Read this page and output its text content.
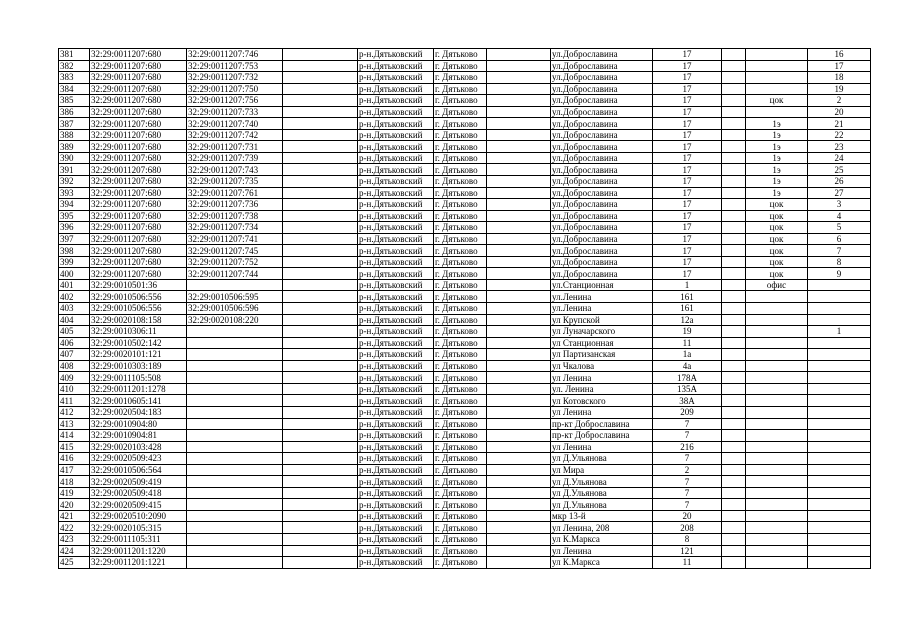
381	32:29:0011207:680	32:29:0011207:746		р-н.Дятьковский	г. Дятьково		ул.Доброславина	17			16
382	32:29:0011207:680	32:29:0011207:753		р-н.Дятьковский	г. Дятьково		ул.Доброславина	17			17
383	32:29:0011207:680	32:29:0011207:732		р-н.Дятьковский	г. Дятьково		ул.Доброславина	17			18
384	32:29:0011207:680	32:29:0011207:750		р-н.Дятьковский	г. Дятьково		ул.Доброславина	17			19
385	32:29:0011207:680	32:29:0011207:756		р-н.Дятьковский	г. Дятьково		ул.Доброславина	17		цок	2
386	32:29:0011207:680	32:29:0011207:733		р-н.Дятьковский	г. Дятьково		ул.Доброславина	17			20
387	32:29:0011207:680	32:29:0011207:740		р-н.Дятьковский	г. Дятьково		ул.Доброславина	17		1э	21
388	32:29:0011207:680	32:29:0011207:742		р-н.Дятьковский	г. Дятьково		ул.Доброславина	17		1э	22
389	32:29:0011207:680	32:29:0011207:731		р-н.Дятьковский	г. Дятьково		ул.Доброславина	17		1э	23
390	32:29:0011207:680	32:29:0011207:739		р-н.Дятьковский	г. Дятьково		ул.Доброславина	17		1э	24
391	32:29:0011207:680	32:29:0011207:743		р-н.Дятьковский	г. Дятьково		ул.Доброславина	17		1э	25
392	32:29:0011207:680	32:29:0011207:735		р-н.Дятьковский	г. Дятьково		ул.Доброславина	17		1э	26
393	32:29:0011207:680	32:29:0011207:761		р-н.Дятьковский	г. Дятьково		ул.Доброславина	17		1э	27
394	32:29:0011207:680	32:29:0011207:736		р-н.Дятьковский	г. Дятьково		ул.Доброславина	17		цок	3
395	32:29:0011207:680	32:29:0011207:738		р-н.Дятьковский	г. Дятьково		ул.Доброславина	17		цок	4
396	32:29:0011207:680	32:29:0011207:734		р-н.Дятьковский	г. Дятьково		ул.Доброславина	17		цок	5
397	32:29:0011207:680	32:29:0011207:741		р-н.Дятьковский	г. Дятьково		ул.Доброславина	17		цок	6
398	32:29:0011207:680	32:29:0011207:745		р-н.Дятьковский	г. Дятьково		ул.Доброславина	17		цок	7
399	32:29:0011207:680	32:29:0011207:752		р-н.Дятьковский	г. Дятьково		ул.Доброславина	17		цок	8
400	32:29:0011207:680	32:29:0011207:744		р-н.Дятьковский	г. Дятьково		ул.Доброславина	17		цок	9
401	32:29:0010501:36			р-н.Дятьковский	г. Дятьково		ул.Станционная	1		офис	
402	32:29:0010506:556	32:29:0010506:595		р-н.Дятьковский	г. Дятьково		ул.Ленина	161			
403	32:29:0010506:556	32:29:0010506:596		р-н.Дятьковский	г. Дятьково		ул.Ленина	161			
404	32:29:0020108:158	32:29:0020108:220		р-н.Дятьковский	г. Дятьково		ул Крупской	12а			
405	32:29:0010306:11			р-н.Дятьковский	г. Дятьково		ул Луначарского	19			1
406	32:29:0010502:142			р-н.Дятьковский	г. Дятьково		ул Станционная	11			
407	32:29:0020101:121			р-н.Дятьковский	г. Дятьково		ул Партизанская	1а			
408	32:29:0010303:189			р-н.Дятьковский	г. Дятьково		ул Чкалова	4а			
409	32:29:0011105:508			р-н.Дятьковский	г. Дятьково		ул Ленина	178А			
410	32:29:0011201:1278			р-н.Дятьковский	г. Дятьково		ул. Ленина	135А			
411	32:29:0010605:141			р-н.Дятьковский	г. Дятьково		ул Котовского	38А			
412	32:29:0020504:183			р-н.Дятьковский	г. Дятьково		ул Ленина	209			
413	32:29:0010904:80			р-н.Дятьковский	г. Дятьково		пр-кт Доброславина	7			
414	32:29:0010904:81			р-н.Дятьковский	г. Дятьково		пр-кт Доброславина	7			
415	32:29:0020103:428			р-н.Дятьковский	г. Дятьково		ул Ленина	216			
416	32:29:0020509:423			р-н.Дятьковский	г. Дятьково		ул Д.Ульянова	7			
417	32:29:0010506:564			р-н.Дятьковский	г. Дятьково		ул Мира	2			
418	32:29:0020509:419			р-н.Дятьковский	г. Дятьково		ул Д.Ульянова	7			
419	32:29:0020509:418			р-н.Дятьковский	г. Дятьково		ул Д.Ульянова	7			
420	32:29:0020509:415			р-н.Дятьковский	г. Дятьково		ул Д.Ульянова	7			
421	32:29:0020510:2090			р-н.Дятьковский	г. Дятьково		мкр 13-й	20			
422	32:29:0020105:315			р-н.Дятьковский	г. Дятьково		ул Ленина, 208	208			
423	32:29:0011105:311			р-н.Дятьковский	г. Дятьково		ул К.Маркса	8			
424	32:29:0011201:1220			р-н.Дятьковский	г. Дятьково		ул Ленина	121			
425	32:29:0011201:1221			р-н.Дятьковский	г. Дятьково		ул К.Маркса	11			
